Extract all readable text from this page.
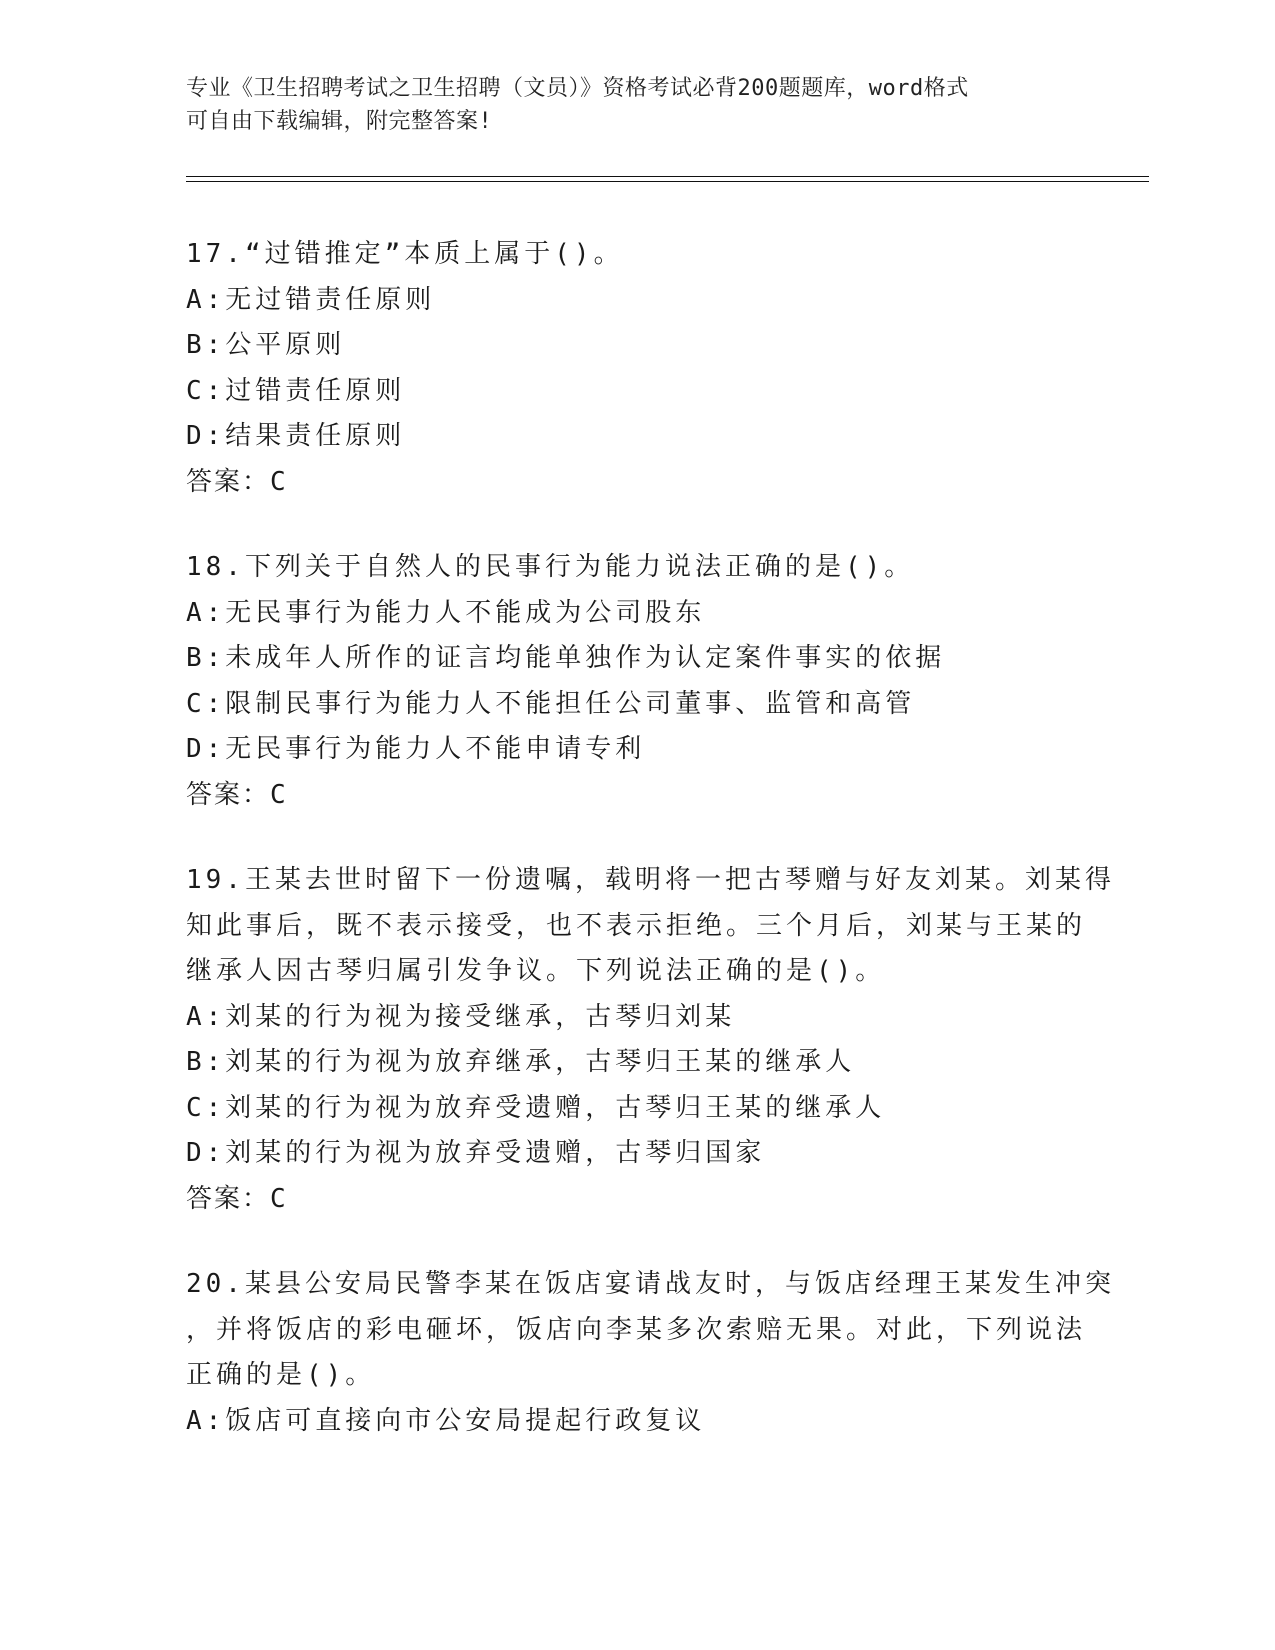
专业《卫生招聘考试之卫生招聘（文员）》资格考试必背200题题库，word格式
可自由下载编辑，附完整答案!
17.“过错推定”本质上属于()。
A:无过错责任原则
B:公平原则
C:过错责任原则
D:结果责任原则
答案：C
18.下列关于自然人的民事行为能力说法正确的是()。
A:无民事行为能力人不能成为公司股东
B:未成年人所作的证言均能单独作为认定案件事实的依据
C:限制民事行为能力人不能担任公司董事、监管和高管
D:无民事行为能力人不能申请专利
答案：C
19.王某去世时留下一份遗嘱，载明将一把古琴赠与好友刘某。刘某得
知此事后，既不表示接受，也不表示拒绝。三个月后，刘某与王某的
继承人因古琴归属引发争议。下列说法正确的是()。
A:刘某的行为视为接受继承，古琴归刘某
B:刘某的行为视为放弃继承，古琴归王某的继承人
C:刘某的行为视为放弃受遗赠，古琴归王某的继承人
D:刘某的行为视为放弃受遗赠，古琴归国家
答案：C
20.某县公安局民警李某在饭店宴请战友时，与饭店经理王某发生冲突
，并将饭店的彩电砸坏，饭店向李某多次索赔无果。对此，下列说法
正确的是()。
A:饭店可直接向市公安局提起行政复议
